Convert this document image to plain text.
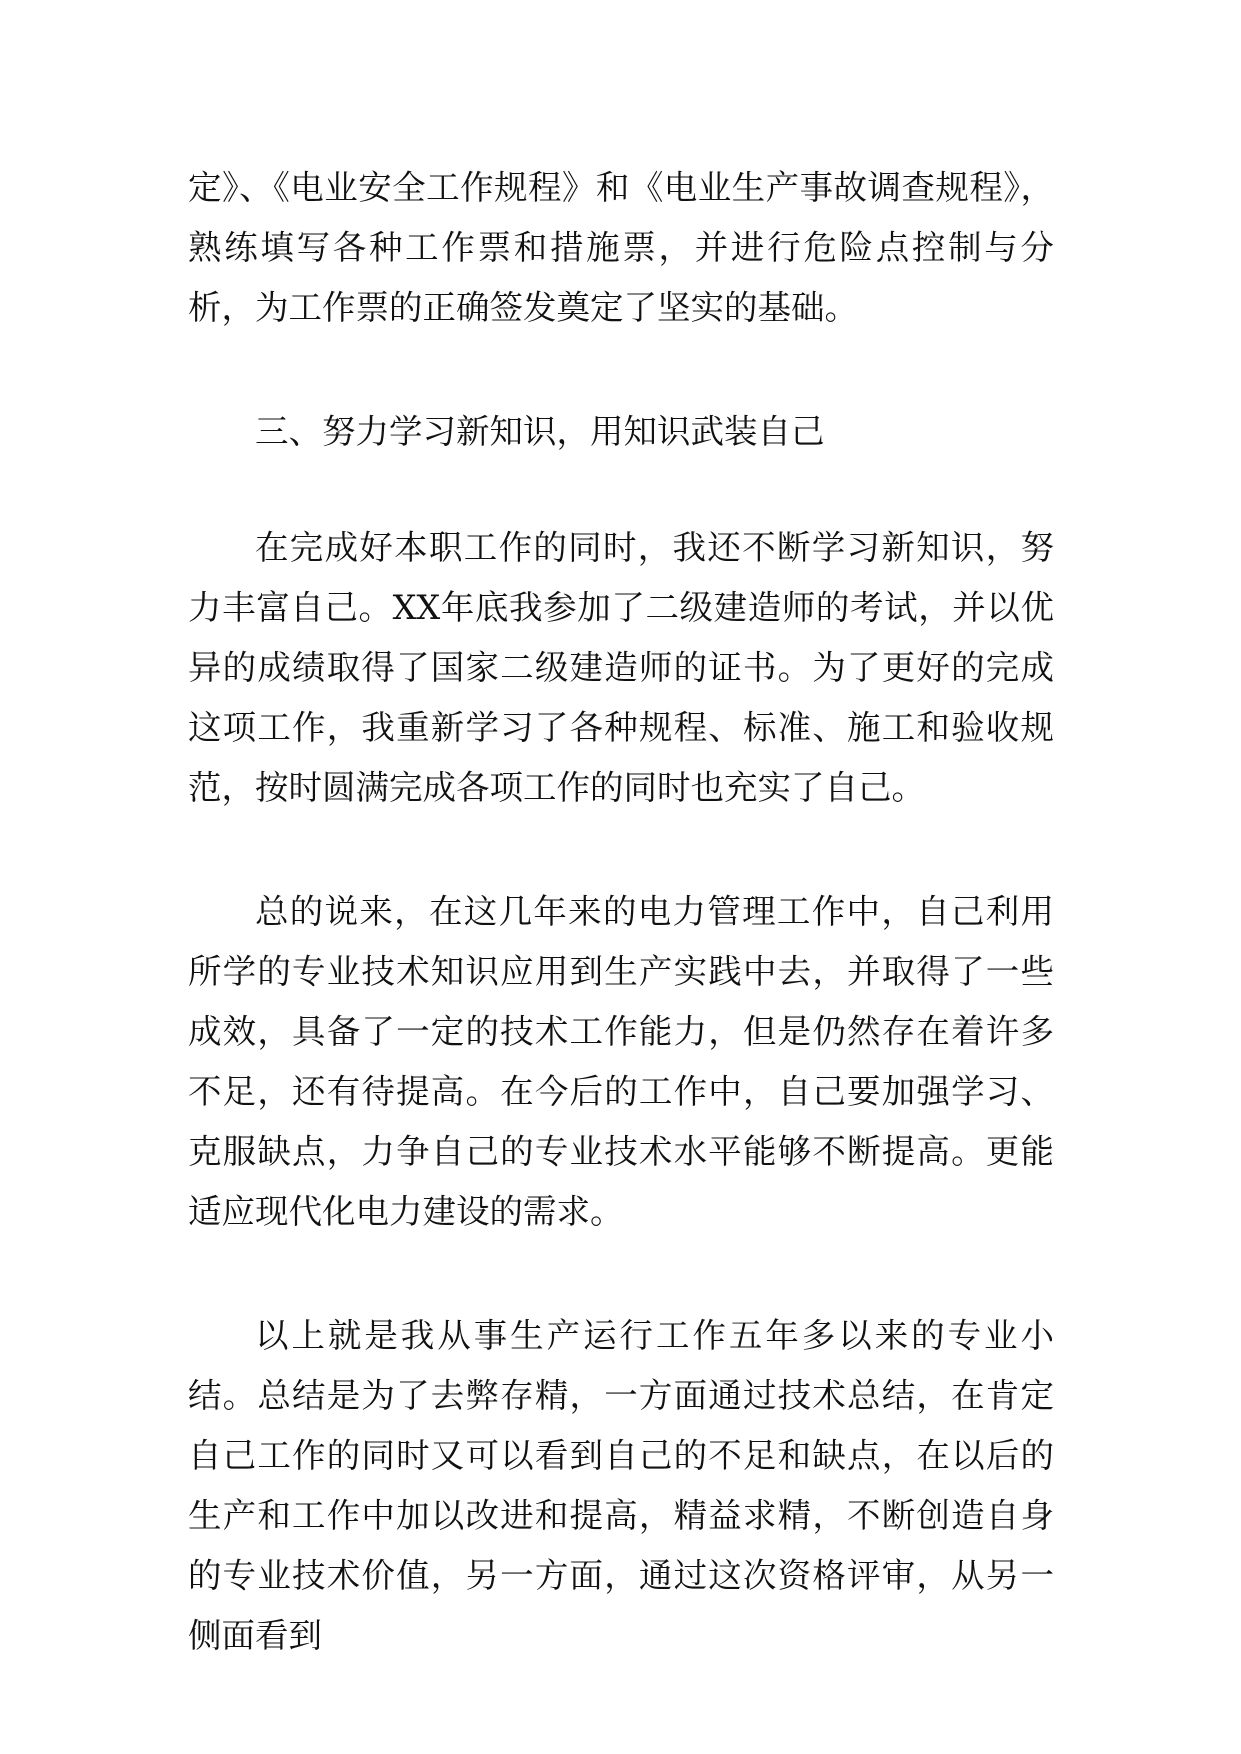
定》、《电业安全工作规程》和《电业生产事故调查规程》，熟练填写各种工作票和措施票，并进行危险点控制与分析，为工作票的正确签发奠定了坚实的基础。

三、努力学习新知识，用知识武装自己

在完成好本职工作的同时，我还不断学习新知识，努力丰富自己。XX年底我参加了二级建造师的考试，并以优异的成绩取得了国家二级建造师的证书。为了更好的完成这项工作，我重新学习了各种规程、标准、施工和验收规范，按时圆满完成各项工作的同时也充实了自己。

总的说来，在这几年来的电力管理工作中，自己利用所学的专业技术知识应用到生产实践中去，并取得了一些成效，具备了一定的技术工作能力，但是仍然存在着许多不足，还有待提高。在今后的工作中，自己要加强学习、克服缺点，力争自己的专业技术水平能够不断提高。更能适应现代化电力建设的需求。

以上就是我从事生产运行工作五年多以来的专业小结。总结是为了去弊存精，一方面通过技术总结，在肯定自己工作的同时又可以看到自己的不足和缺点，在以后的生产和工作中加以改进和提高，精益求精，不断创造自身的专业技术价值，另一方面，通过这次资格评审，从另一侧面看到
